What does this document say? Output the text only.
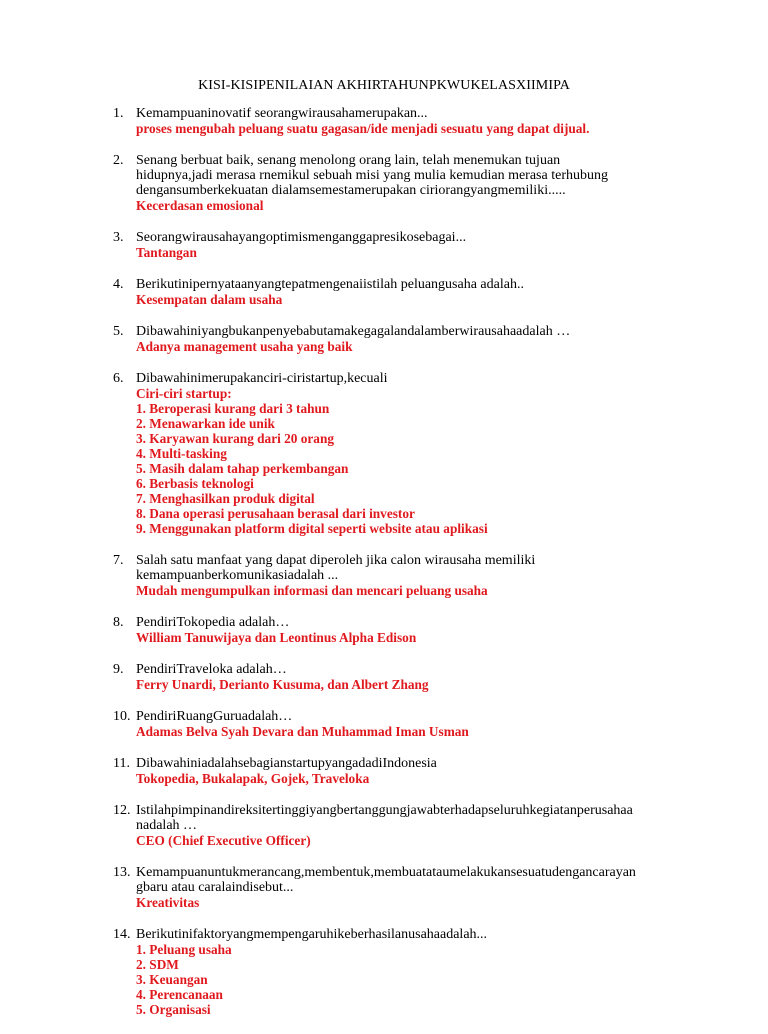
KISI-KISIPENILAIAN AKHIRTAHUNPKWUKELASXIIMIPA
1. Kemampuaninovatif seorangwirausahamerupakan...
proses mengubah peluang suatu gagasan/ide menjadi sesuatu yang dapat dijual.
2. Senang berbuat baik, senang menolong orang lain, telah menemukan tujuan
hidupnya,jadi merasa rnemikul sebuah misi yang mulia kemudian merasa terhubung
dengansumberkekuatan dialamsemestamerupakan ciriorangyangmemiliki.....
Kecerdasan emosional
3. Seorangwirausahayangoptimismenganggapresikosebagai...
Tantangan
4. Berikutinipernyataanyangtepatmengenaiistilah peluangusaha adalah..
Kesempatan dalam usaha
5. Dibawahiniyangbukanpenyebabutamakegagalandalamberwirausahaadalah …
Adanya management usaha yang baik
6. Dibawahinimerupakanciri-ciristartup,kecuali
Ciri-ciri startup:
1. Beroperasi kurang dari 3 tahun
2. Menawarkan ide unik
3. Karyawan kurang dari 20 orang
4. Multi-tasking
5. Masih dalam tahap perkembangan
6. Berbasis teknologi
7. Menghasilkan produk digital
8. Dana operasi perusahaan berasal dari investor
9. Menggunakan platform digital seperti website atau aplikasi
7. Salah satu manfaat yang dapat diperoleh jika calon wirausaha memiliki
kemampuanberkomunikasiadalah ...
Mudah mengumpulkan informasi dan mencari peluang usaha
8. PendiriTokopedia adalah…
William Tanuwijaya dan Leontinus Alpha Edison
9. PendiriTraveloka adalah…
Ferry Unardi, Derianto Kusuma, dan Albert Zhang
10. PendiriRuangGuruadalah…
Adamas Belva Syah Devara dan Muhammad Iman Usman
11. DibawahiniadalahsebagianstartupyangadadiIndonesia
Tokopedia, Bukalapak, Gojek, Traveloka
12. Istilahpimpinandireksitertinggiyangbertanggungjawabterhadapseluruhkegiatanperusahaa
nadalah …
CEO (Chief Executive Officer)
13. Kemampuanuntukmerancang,membentuk,membuatataumelakukansesuatudengancarayan
gbaru atau caralaindisebut...
Kreativitas
14. Berikutinifaktoryangmempengaruhikeberhasilanusahaadalah...
1. Peluang usaha
2. SDM
3. Keuangan
4. Perencanaan
5. Organisasi
